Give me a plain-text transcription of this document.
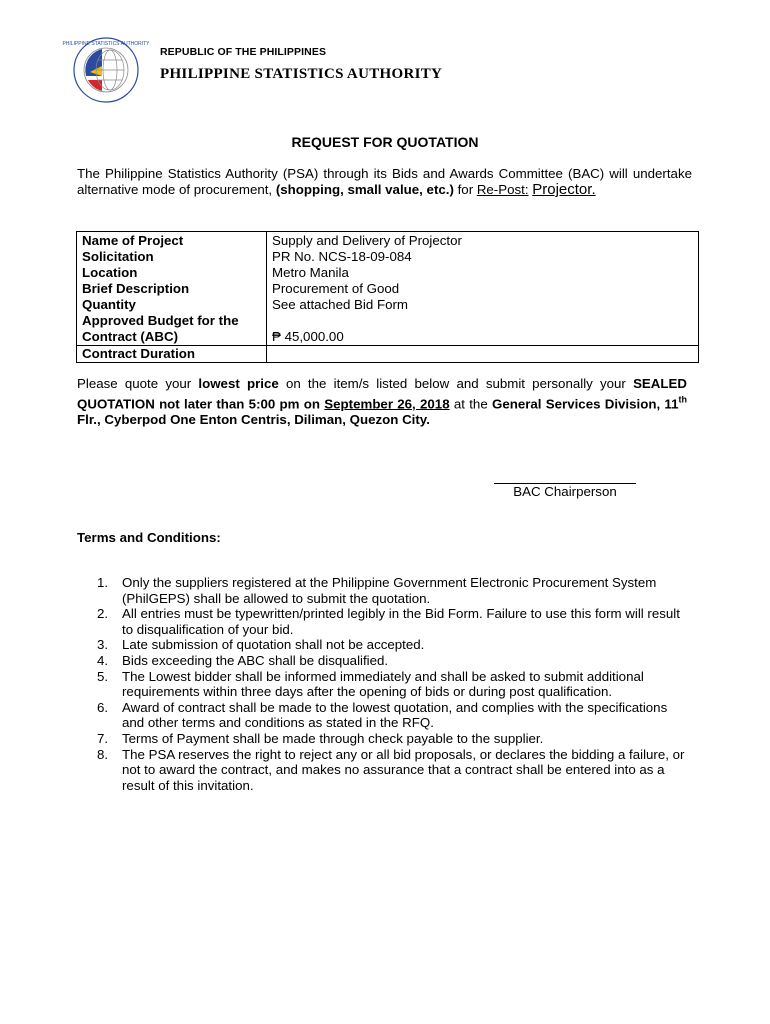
PHILIPPINE STATISTICS AUTHORITY
REPUBLIC OF THE PHILIPPINES
PHILIPPINE STATISTICS AUTHORITY
REQUEST FOR QUOTATION
The Philippine Statistics Authority (PSA) through its Bids and Awards Committee (BAC) will undertake alternative mode of procurement, (shopping, small value, etc.) for Re-Post: Projector.
Name of Project	Supply and Delivery of Projector
Solicitation	PR No. NCS-18-09-084
Location	Metro Manila
Brief Description	Procurement of Good
Quantity	See attached Bid Form
Approved Budget for the Contract (ABC)	₱ 45,000.00
Contract Duration	
Please quote your lowest price on the item/s listed below and submit personally your SEALED QUOTATION not later than 5:00 pm on September 26, 2018 at the General Services Division, 11th Flr., Cyberpod One Enton Centris, Diliman, Quezon City.
BAC Chairperson
Terms and Conditions:
1. Only the suppliers registered at the Philippine Government Electronic Procurement System (PhilGEPS) shall be allowed to submit the quotation.
2. All entries must be typewritten/printed legibly in the Bid Form. Failure to use this form will result to disqualification of your bid.
3. Late submission of quotation shall not be accepted.
4. Bids exceeding the ABC shall be disqualified.
5. The Lowest bidder shall be informed immediately and shall be asked to submit additional requirements within three days after the opening of bids or during post qualification.
6. Award of contract shall be made to the lowest quotation, and complies with the specifications and other terms and conditions as stated in the RFQ.
7. Terms of Payment shall be made through check payable to the supplier.
8. The PSA reserves the right to reject any or all bid proposals, or declares the bidding a failure, or not to award the contract, and makes no assurance that a contract shall be entered into as a result of this invitation.
